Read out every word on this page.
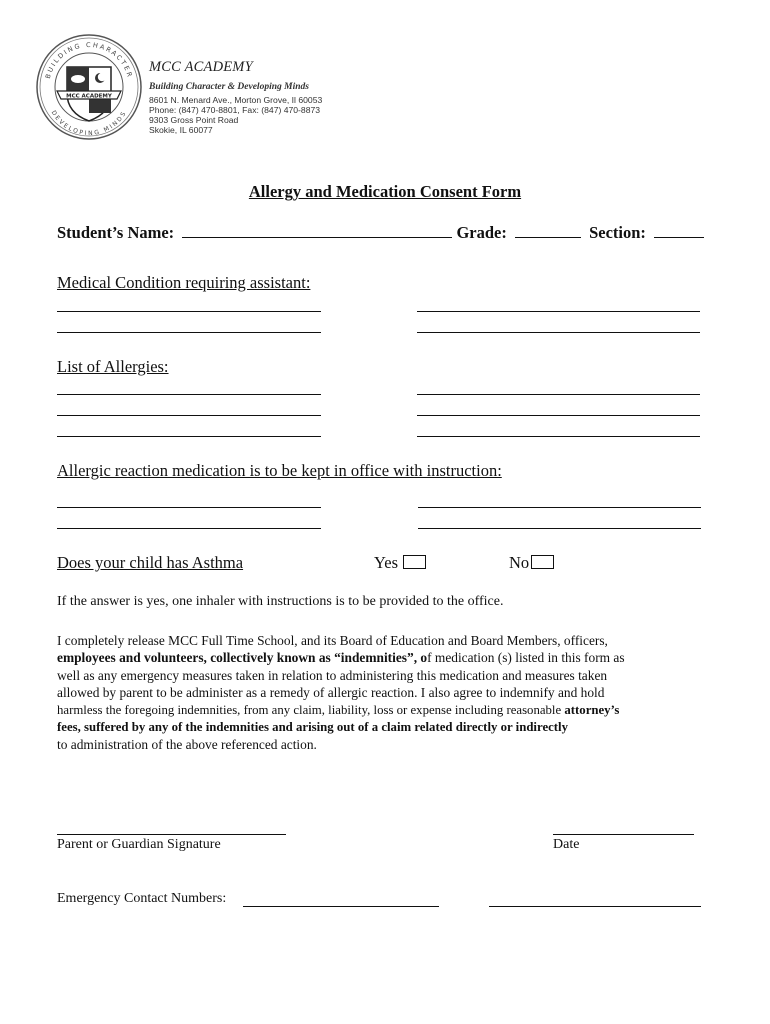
BUILDING CHARACTER
DEVELOPING MINDS
MCC ACADEMY
MCC ACADEMY
Building Character & Developing Minds
8601 N. Menard Ave., Morton Grove, Il 60053
Phone: (847) 470-8801, Fax: (847) 470-8873
9303 Gross Point Road
Skokie, IL 60077
Allergy and Medication Consent Form
Student’s Name:	Grade:	Section:
Medical Condition requiring assistant:
List of Allergies:
Allergic reaction medication is to be kept in office with instruction:
Does your child has Asthma	Yes	No
If the answer is yes, one inhaler with instructions is to be provided to the office.
I completely release MCC Full Time School, and its Board of Education and Board Members, officers,
employees and volunteers, collectively known as “indemnities”, of medication (s) listed in this form as
well as any emergency measures taken in relation to administering this medication and measures taken
allowed by parent to be administer as a remedy of allergic reaction. I also agree to indemnify and hold
harmless the foregoing indemnities, from any claim, liability, loss or expense including reasonable attorney’s
fees, suffered by any of the indemnities and arising out of a claim related directly or indirectly
to administration of the above referenced action.
Parent or Guardian Signature	Date
Emergency Contact Numbers:
